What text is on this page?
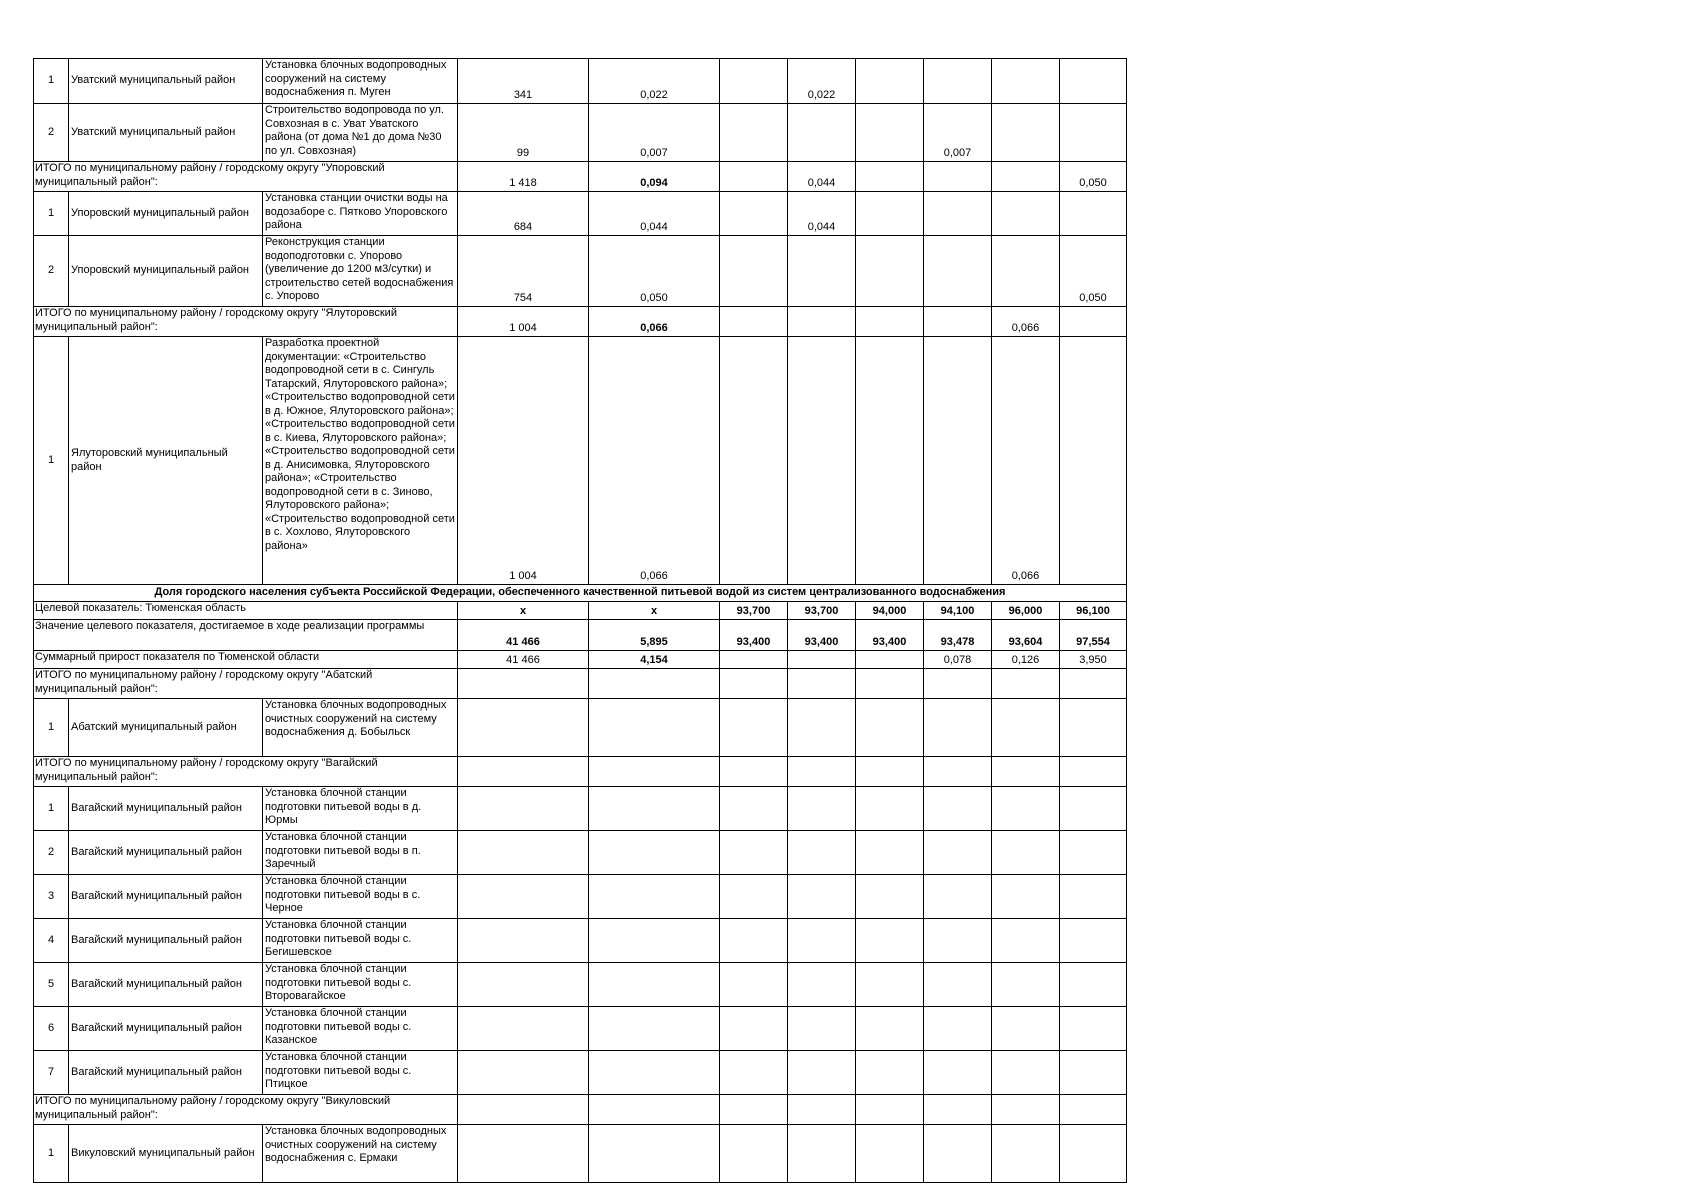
1	Уватский муниципальный район	Установка блочных водопроводных сооружений на систему водоснабжения п. Муген	341	0,022		0,022				
2	Уватский муниципальный район	Строительство водопровода по ул. Совхозная в с. Уват Уватского района (от дома №1 до дома №30 по ул. Совхозная)	99	0,007				0,007		
ИТОГО по муниципальному району / городскому округу "Упоровский муниципальный район":			1 418	0,094		0,044				0,050
1	Упоровский муниципальный район	Установка станции очистки воды на водозаборе с. Пятково Упоровского района	684	0,044		0,044				
2	Упоровский муниципальный район	Реконструкция станции водоподготовки с. Упорово (увеличение до 1200 м3/сутки) и строительство сетей водоснабжения с. Упорово	754	0,050						0,050
ИТОГО по муниципальному району / городскому округу "Ялуторовский муниципальный район":			1 004	0,066					0,066	
1	Ялуторовский муниципальный район	Разработка проектной документации: «Строительство водопроводной сети в с. Сингуль Татарский, Ялуторовского района»; «Строительство водопроводной сети в д. Южное, Ялуторовского района»; «Строительство водопроводной сети в с. Киева, Ялуторовского района»; «Строительство водопроводной сети в д. Анисимовка, Ялуторовского района»; «Строительство водопроводной сети в с. Зиново, Ялуторовского района»; «Строительство водопроводной сети в с. Хохлово, Ялуторовского района»	1 004	0,066					0,066	
Доля городского населения субъекта Российской Федерации, обеспеченного качественной питьевой водой из систем централизованного водоснабжения										
Целевой показатель: Тюменская область			х	х	93,700	93,700	94,000	94,100	96,000	96,100
Значение целевого показателя, достигаемое в ходе реализации программы			41 466	5,895	93,400	93,400	93,400	93,478	93,604	97,554
Суммарный прирост показателя по Тюменской области			41 466	4,154				0,078	0,126	3,950
ИТОГО по муниципальному району / городскому округу "Абатский муниципальный район":										
1	Абатский муниципальный район	Установка блочных водопроводных очистных сооружений на систему водоснабжения д. Бобыльск								
ИТОГО по муниципальному району / городскому округу "Вагайский муниципальный район":										
1	Вагайский муниципальный район	Установка блочной станции подготовки питьевой воды в д. Юрмы								
2	Вагайский муниципальный район	Установка блочной станции подготовки питьевой воды в п. Заречный								
3	Вагайский муниципальный район	Установка блочной станции подготовки питьевой воды в с. Черное								
4	Вагайский муниципальный район	Установка блочной станции подготовки питьевой воды с. Бегишевское								
5	Вагайский муниципальный район	Установка блочной станции подготовки питьевой воды с. Второвагайское								
6	Вагайский муниципальный район	Установка блочной станции подготовки питьевой воды с. Казанское								
7	Вагайский муниципальный район	Установка блочной станции подготовки питьевой воды с. Птицкое								
ИТОГО по муниципальному району / городскому округу "Викуловский муниципальный район":										
1	Викуловский муниципальный район	Установка блочных водопроводных очистных сооружений на систему водоснабжения с. Ермаки								
